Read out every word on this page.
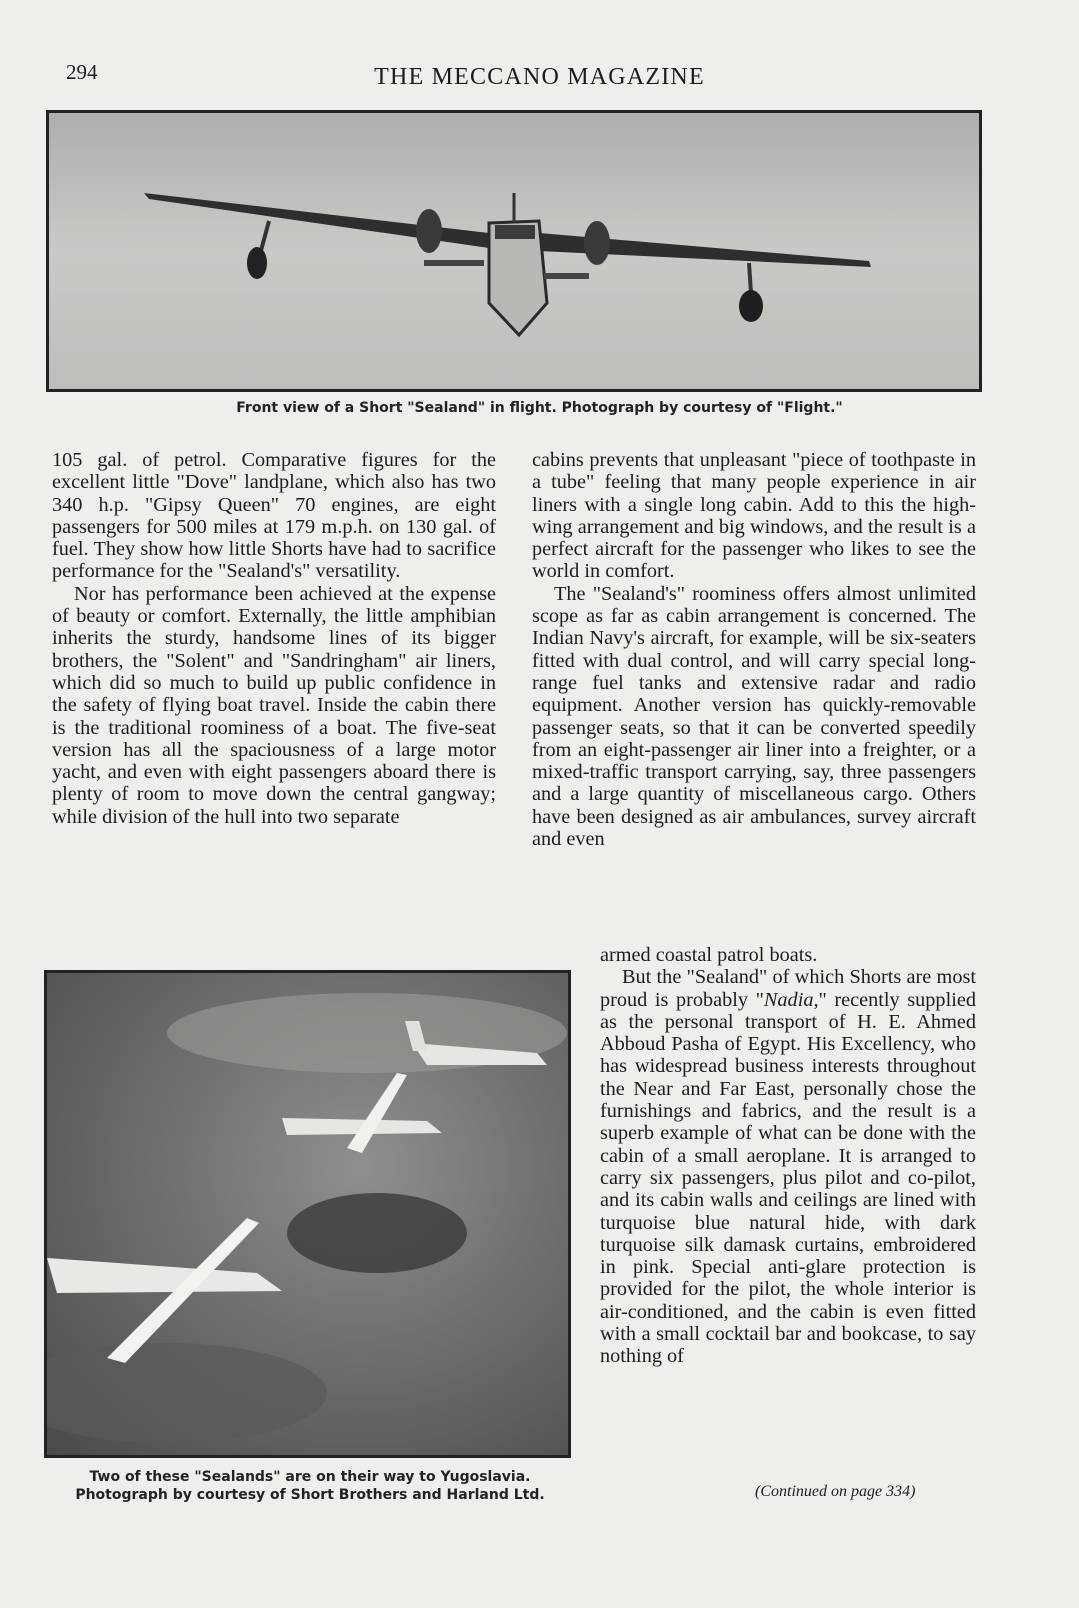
294	THE MECCANO MAGAZINE
Front view of a Short "Sealand" in flight. Photograph by courtesy of "Flight."

105 gal. of petrol. Comparative figures for the excellent little "Dove" landplane, which also has two 340 h.p. "Gipsy Queen" 70 engines, are eight passengers for 500 miles at 179 m.p.h. on 130 gal. of fuel. They show how little Shorts have had to sacrifice performance for the "Sealand's" versatility.

Nor has performance been achieved at the expense of beauty or comfort. Externally, the little amphibian inherits the sturdy, handsome lines of its bigger brothers, the "Solent" and "Sandringham" air liners, which did so much to build up public confidence in the safety of flying boat travel. Inside the cabin there is the traditional roominess of a boat. The five-seat version has all the spaciousness of a large motor yacht, and even with eight passengers aboard there is plenty of room to move down the central gangway; while division of the hull into two separate

cabins prevents that unpleasant "piece of toothpaste in a tube" feeling that many people experience in air liners with a single long cabin. Add to this the high-wing arrangement and big windows, and the result is a perfect aircraft for the passenger who likes to see the world in comfort.

The "Sealand's" roominess offers almost unlimited scope as far as cabin arrangement is concerned. The Indian Navy's aircraft, for example, will be six-seaters fitted with dual control, and will carry special long-range fuel tanks and extensive radar and radio equipment. Another version has quickly-removable passenger seats, so that it can be converted speedily from an eight-passenger air liner into a freighter, or a mixed-traffic transport carrying, say, three passengers and a large quantity of miscellaneous cargo. Others have been designed as air ambulances, survey aircraft and even

Two of these "Sealands" are on their way to Yugoslavia.
Photograph by courtesy of Short Brothers and Harland Ltd.

armed coastal patrol boats.

But the "Sealand" of which Shorts are most proud is probably "Nadia," recently supplied as the personal transport of H. E. Ahmed Abboud Pasha of Egypt. His Excellency, who has widespread business interests throughout the Near and Far East, personally chose the furnishings and fabrics, and the result is a superb example of what can be done with the cabin of a small aeroplane. It is arranged to carry six passengers, plus pilot and co-pilot, and its cabin walls and ceilings are lined with turquoise blue natural hide, with dark turquoise silk damask curtains, embroidered in pink. Special anti-glare protection is provided for the pilot, the whole interior is air-conditioned, and the cabin is even fitted with a small cocktail bar and bookcase, to say nothing of

(Continued on page 334)
